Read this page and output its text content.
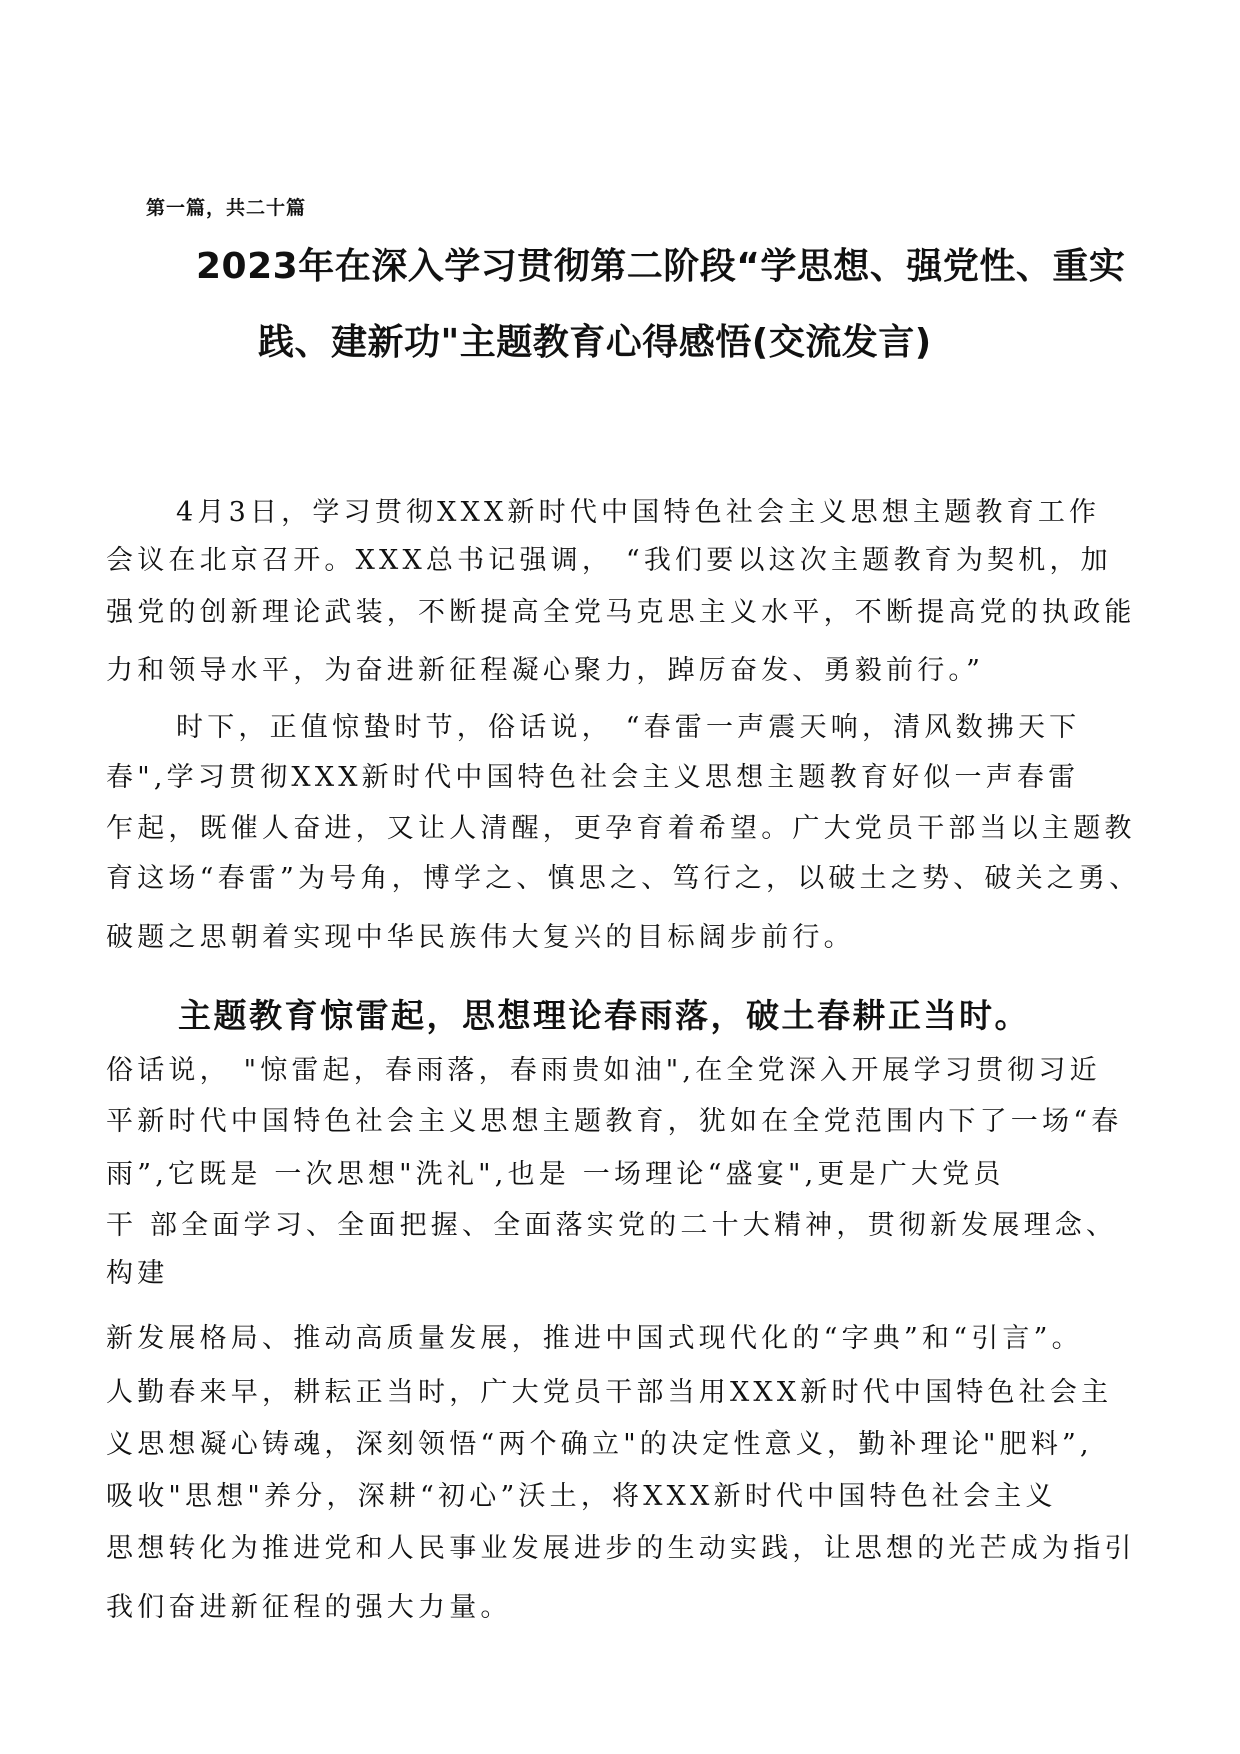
第一篇，共二十篇
2023年在深入学习贯彻第二阶段“学思想、强党性、重实
践、建新功"主题教育心得感悟(交流发言)
4月3日，学习贯彻XXX新时代中国特色社会主义思想主题教育工作
会议在北京召开。XXX总书记强调， “我们要以这次主题教育为契机，加
强党的创新理论武装，不断提高全党马克思主义水平，不断提高党的执政能
力和领导水平，为奋进新征程凝心聚力，踔厉奋发、勇毅前行。”
时下，正值惊蛰时节，俗话说， “春雷一声震天响，清风数拂天下
春",学习贯彻XXX新时代中国特色社会主义思想主题教育好似一声春雷
乍起，既催人奋进，又让人清醒，更孕育着希望。广大党员干部当以主题教
育这场“春雷”为号角，博学之、慎思之、笃行之，以破土之势、破关之勇、
破题之思朝着实现中华民族伟大复兴的目标阔步前行。
主题教育惊雷起，思想理论春雨落，破土春耕正当时。
俗话说， "惊雷起，春雨落，春雨贵如油",在全党深入开展学习贯彻习近
平新时代中国特色社会主义思想主题教育，犹如在全党范围内下了一场“春
雨”,它既是 一次思想"洗礼",也是 一场理论“盛宴",更是广大党员
干 部全面学习、全面把握、全面落实党的二十大精神，贯彻新发展理念、
构建
新发展格局、推动高质量发展，推进中国式现代化的“字典”和“引言”。
人勤春来早，耕耘正当时，广大党员干部当用XXX新时代中国特色社会主
义思想凝心铸魂，深刻领悟“两个确立"的决定性意义，勤补理论"肥料”,
吸收"思想"养分，深耕“初心”沃土，将XXX新时代中国特色社会主义
思想转化为推进党和人民事业发展进步的生动实践，让思想的光芒成为指引
我们奋进新征程的强大力量。
